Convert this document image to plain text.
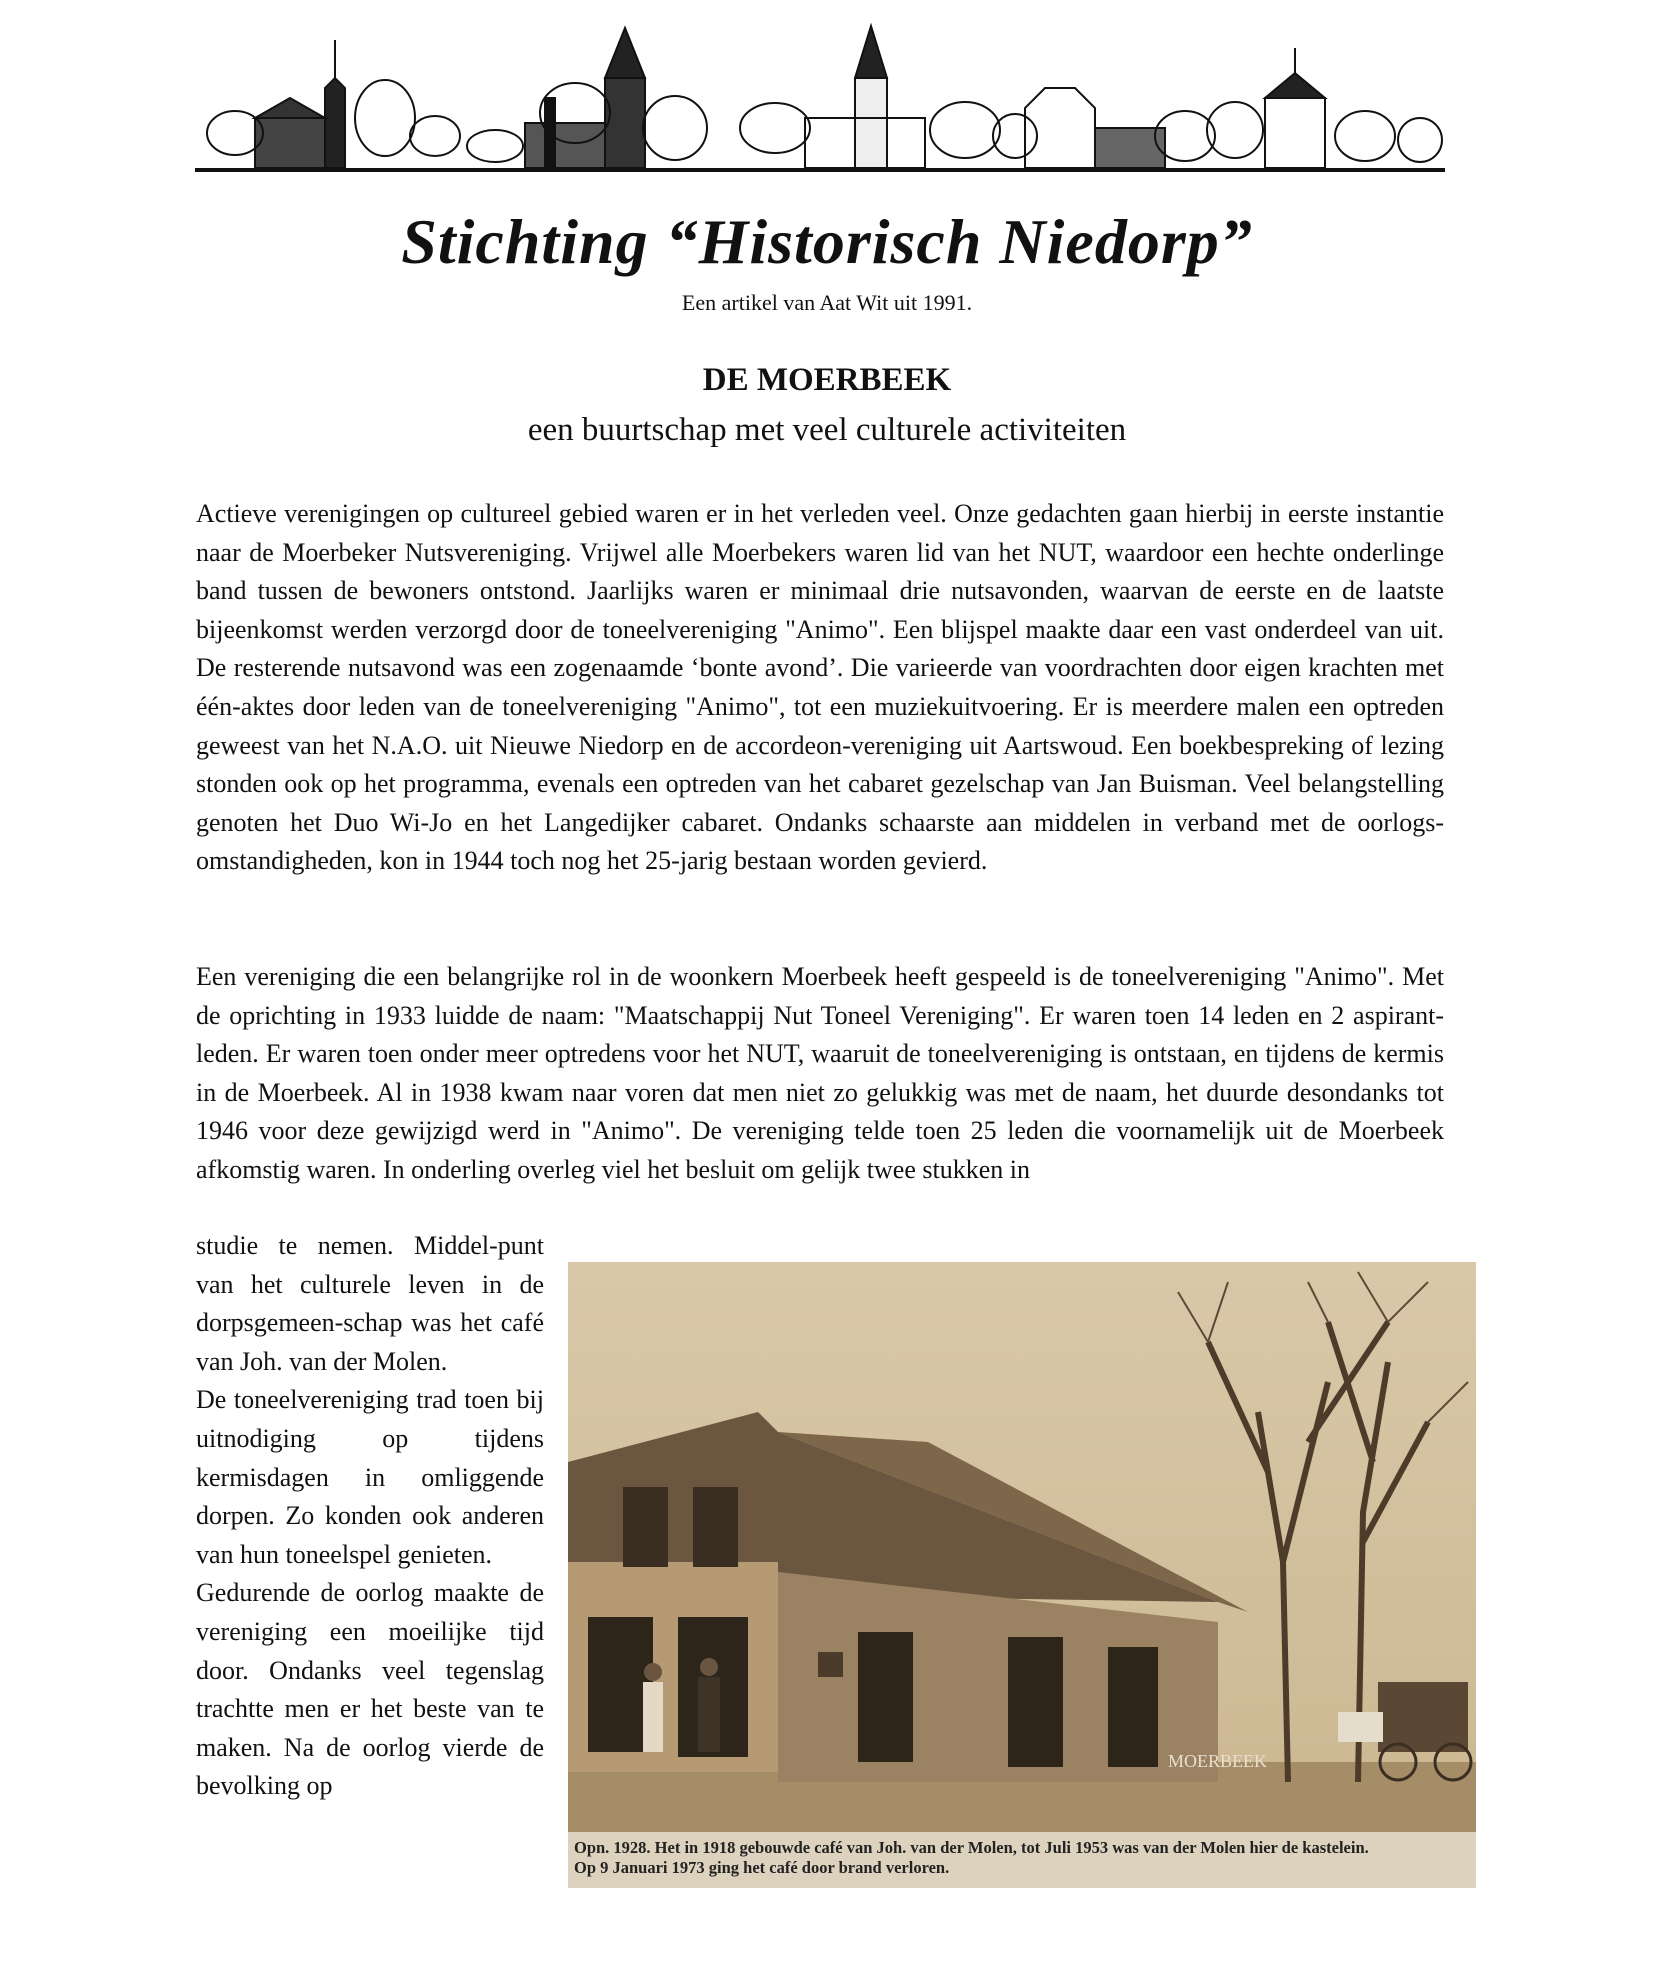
Stichting “Historisch Niedorp”
Een artikel van Aat Wit uit 1991.
DE MOERBEEK
een buurtschap met veel culturele activiteiten

Actieve verenigingen op cultureel gebied waren er in het verleden veel. Onze gedachten gaan hierbij in eerste instantie naar de Moerbeker Nutsvereniging. Vrijwel alle Moerbekers waren lid van het NUT, waardoor een hechte onderlinge band tussen de bewoners ontstond. Jaarlijks waren er minimaal drie nutsavonden, waarvan de eerste en de laatste bijeenkomst werden verzorgd door de toneelvereniging "Animo". Een blijspel maakte daar een vast onderdeel van uit. De resterende nutsavond was een zogenaamde ‘bonte avond’. Die varieerde van voordrachten door eigen krachten met één-aktes door leden van de toneelvereniging "Animo", tot een muziekuitvoering. Er is meerdere malen een optreden geweest van het N.A.O. uit Nieuwe Niedorp en de accordeon-vereniging uit Aartswoud. Een boekbespreking of lezing stonden ook op het programma, evenals een optreden van het cabaret gezelschap van Jan Buisman. Veel belangstelling genoten het Duo Wi-Jo en het Langedijker cabaret. Ondanks schaarste aan middelen in verband met de oorlogs-omstandigheden, kon in 1944 toch nog het 25-jarig bestaan worden gevierd.

Een vereniging die een belangrijke rol in de woonkern Moerbeek heeft gespeeld is de toneelvereniging "Animo". Met de oprichting in 1933 luidde de naam: "Maatschappij Nut Toneel Vereniging". Er waren toen 14 leden en 2 aspirant-leden. Er waren toen onder meer optredens voor het NUT, waaruit de toneelvereniging is ontstaan, en tijdens de kermis in de Moerbeek. Al in 1938 kwam naar voren dat men niet zo gelukkig was met de naam, het duurde desondanks tot 1946 voor deze gewijzigd werd in "Animo". De vereniging telde toen 25 leden die voornamelijk uit de Moerbeek afkomstig waren. In onderling overleg viel het besluit om gelijk twee stukken in

studie te nemen. Middel-punt van het culturele leven in de dorpsgemeen-schap was het café van Joh. van der Molen.

De toneelvereniging trad toen bij uitnodiging op tijdens kermisdagen in omliggende dorpen. Zo konden ook anderen van hun toneelspel genieten.

Gedurende de oorlog maakte de vereniging een moeilijke tijd door. Ondanks veel tegenslag trachtte men er het beste van te maken. Na de oorlog vierde de bevolking op

MOERBEEK
Opn. 1928. Het in 1918 gebouwde café van Joh. van der Molen, tot Juli 1953 was van der Molen hier de kastelein.
Op 9 Januari 1973 ging het café door brand verloren.
